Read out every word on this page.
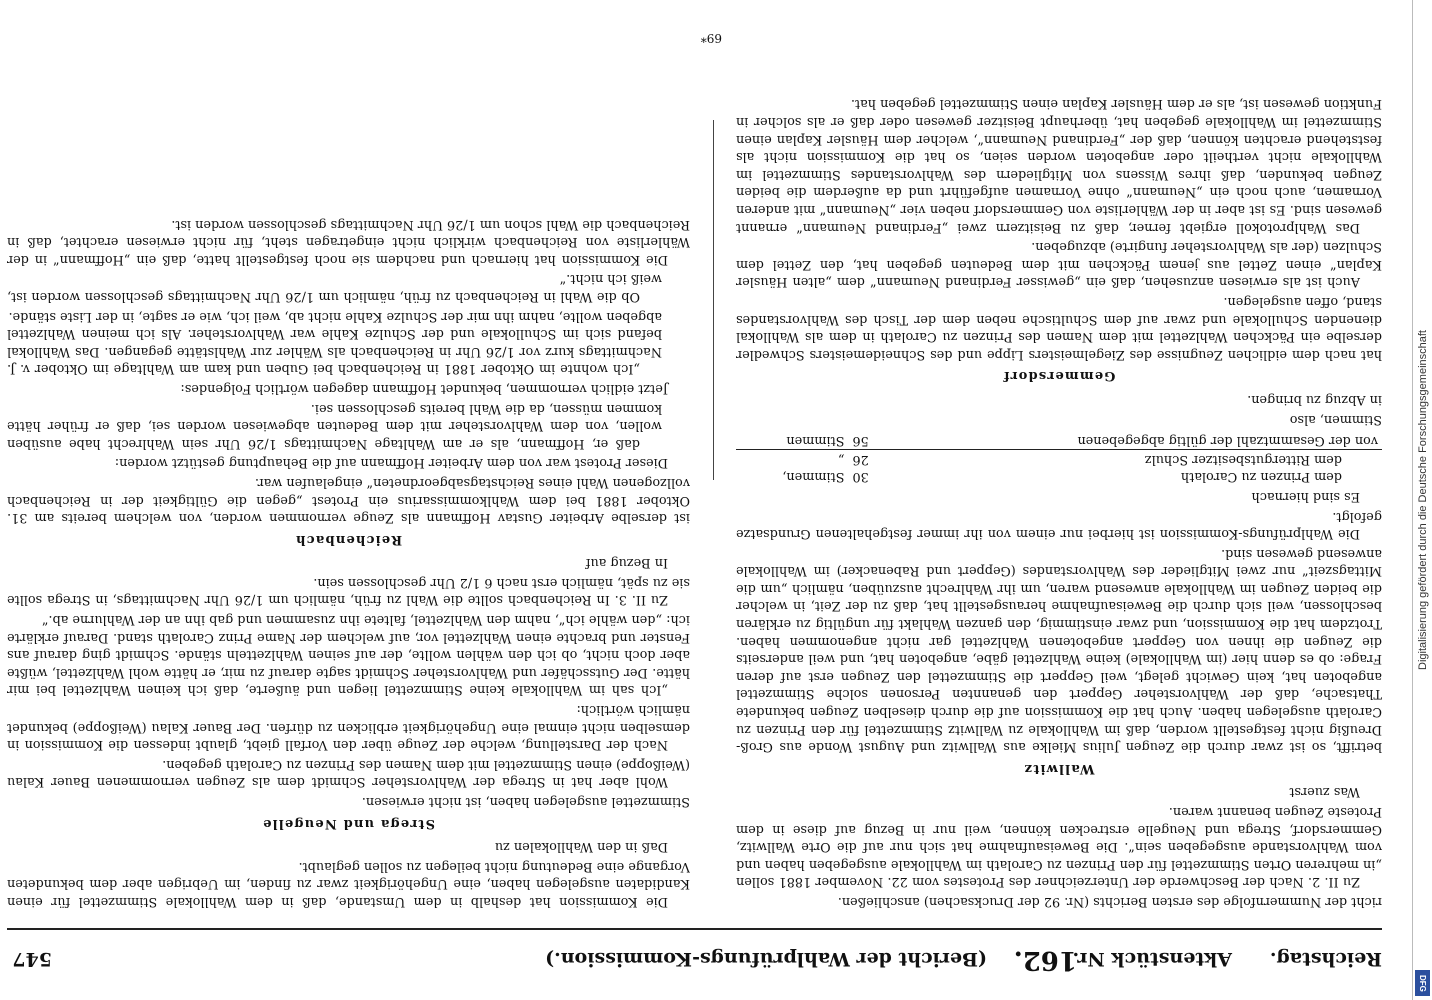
Reichstag.
Aktenstück Nr.
162.
(Bericht der Wahlprüfungs-Kommission.)
547

richt der Nummernfolge des ersten Berichts (Nr. 92 der Drucksachen) anschließen.

Zu II. 2. Nach der Beschwerde der Unterzeichner des Protestes vom 22. November 1881 sollen „in mehreren Orten Stimmzettel für den Prinzen zu Carolath im Wahllokale ausgegeben haben und vom Wahlvorstande ausgegeben sein“. Die Beweisaufnahme hat sich nur auf die Orte Wallwitz, Gemmersdorf, Strega und Neugelle erstrecken können, weil nur in Bezug auf diese in dem Proteste Zeugen benannt waren.

Was zuerst

Wallwitz

betrifft, so ist zwar durch die Zeugen Julius Mielke aus Wallwitz und August Wonde aus Groß-Dreußig nicht festgestellt worden, daß im Wahllokale zu Wallwitz Stimmzettel für den Prinzen zu Carolath ausgelegen haben. Auch hat die Kommission auf die durch dieselben Zeugen bekundete Thatsache, daß der Wahlvorsteher Geppert den genannten Personen solche Stimmzettel angeboten hat, kein Gewicht gelegt, weil Geppert die Stimmzettel den Zeugen erst auf deren Frage: ob es denn hier (im Wahllokale) keine Wahlzettel gäbe, angeboten hat, und weil anderseits die Zeugen die ihnen von Geppert angebotenen Wahlzettel gar nicht angenommen haben. Trotzdem hat die Kommission, und zwar einstimmig, den ganzen Wahlakt für ungültig zu erklären beschlossen, weil sich durch die Beweisaufnahme herausgestellt hat, daß zu der Zeit, in welcher die beiden Zeugen im Wahllokale anwesend waren, um ihr Wahlrecht auszuüben, nämlich „um die Mittagszeit“ nur zwei Mitglieder des Wahlvorstandes (Geppert und Rabenacker) im Wahllokale anwesend gewesen sind.

Die Wahlprüfungs-Kommission ist hierbei nur einem von ihr immer festgehaltenen Grundsatze gefolgt.

Es sind hiernach

dem Prinzen zu Carolath	30	Stimmen,
dem Rittergutsbesitzer Schulz	26	„
von der Gesammtzahl der gültig abgegebenen	56	Stimmen

Stimmen, also

in Abzug zu bringen.

Gemmersdorf

hat nach dem eidlichen Zeugnisse des Ziegelmeisters Lippe und des Schneidemeisters Schwedler derselbe ein Päckchen Wahlzettel mit dem Namen des Prinzen zu Carolath in dem als Wahllokal dienenden Schullokale und zwar auf dem Schultische neben dem der Tisch des Wahlvorstandes stand, offen ausgelegen.

Auch ist als erwiesen anzusehen, daß ein „gewisser Ferdinand Neumann“ dem „alten Häusler Kaplan“ einen Zettel aus jenem Päckchen mit dem Bedeuten gegeben hat, den Zettel dem Schulzen (der als Wahlvorsteher fungirte) abzugeben.

Das Wahlprotokoll ergiebt ferner, daß zu Beisitzern zwei „Ferdinand Neumann“ ernannt gewesen sind. Es ist aber in der Wählerliste von Gemmersdorf neben vier „Neumann“ mit anderen Vornamen, auch noch ein „Neumann“ ohne Vornamen aufgeführt und da außerdem die beiden Zeugen bekunden, daß ihres Wissens von Mitgliedern des Wahlvorstandes Stimmzettel im Wahllokale nicht vertheilt oder angeboten worden seien, so hat die Kommission nicht als feststehend erachten können, daß der „Ferdinand Neumann“, welcher dem Häusler Kaplan einen Stimmzettel im Wahllokale gegeben hat, überhaupt Beisitzer gewesen oder daß er als solcher in Funktion gewesen ist, als er dem Häusler Kaplan einen Stimmzettel gegeben hat.

Die Kommission hat deshalb in dem Umstande, daß in dem Wahllokale Stimmzettel für einen Kandidaten ausgelegen haben, eine Ungehörigkeit zwar zu finden, im Uebrigen aber dem bekundeten Vorgange eine Bedeutung nicht beilegen zu sollen geglaubt.

Daß in den Wahllokalen zu

Strega und Neugelle

Stimmzettel ausgelegen haben, ist nicht erwiesen.

Wohl aber hat in Strega der Wahlvorsteher Schmidt dem als Zeugen vernommenen Bauer Kalau (Weißoppe) einen Stimmzettel mit dem Namen des Prinzen zu Carolath gegeben.

Nach der Darstellung, welche der Zeuge über den Vorfall giebt, glaubt indessen die Kommission in demselben nicht einmal eine Ungehörigkeit erblicken zu dürfen. Der Bauer Kalau (Weißoppe) bekundet nämlich wörtlich:

„Ich sah im Wahllokale keine Stimmzettel liegen und äußerte, daß ich keinen Wahlzettel bei mir hätte. Der Gutsschäfer und Wahlvorsteher Schmidt sagte darauf zu mir, er hätte wohl Wahlzettel, wüßte aber doch nicht, ob ich den wählen wollte, der auf seinen Wahlzetteln stände. Schmidt ging darauf ans Fenster und brachte einen Wahlzettel vor, auf welchem der Name Prinz Carolath stand. Darauf erklärte ich: „den wähle ich“, nahm den Wahlzettel, faltete ihn zusammen und gab ihn an der Wahlurne ab.“

Zu II. 3. In Reichenbach sollte die Wahl zu früh, nämlich um 1/26 Uhr Nachmittags, in Strega sollte sie zu spät, nämlich erst nach 6 1/2 Uhr geschlossen sein.

In Bezug auf

Reichenbach

ist derselbe Arbeiter Gustav Hoffmann als Zeuge vernommen worden, von welchem bereits am 31. Oktober 1881 bei dem Wahlkommissarius ein Protest „gegen die Gültigkeit der in Reichenbach vollzogenen Wahl eines Reichstagsabgeordneten“ eingelaufen war.

Dieser Protest war von dem Arbeiter Hoffmann auf die Behauptung gestützt worden:

daß er, Hoffmann, als er am Wahltage Nachmittags 1/26 Uhr sein Wahlrecht habe ausüben wollen, von dem Wahlvorsteher mit dem Bedeuten abgewiesen worden sei, daß er früher hätte kommen müssen, da die Wahl bereits geschlossen sei.

Jetzt eidlich vernommen, bekundet Hoffmann dagegen wörtlich Folgendes:

„Ich wohnte im Oktober 1881 in Reichenbach bei Guben und kam am Wahltage im Oktober v. J. Nachmittags kurz vor 1/26 Uhr in Reichenbach als Wähler zur Wahlstätte gegangen. Das Wahllokal befand sich im Schullokale und der Schulze Kahle war Wahlvorsteher. Als ich meinen Wahlzettel abgeben wollte, nahm ihn mir der Schulze Kahle nicht ab, weil ich, wie er sagte, in der Liste stände.

Ob die Wahl in Reichenbach zu früh, nämlich um 1/26 Uhr Nachmittags geschlossen worden ist, weiß ich nicht.“

Die Kommission hat hiernach und nachdem sie noch festgestellt hatte, daß ein „Hoffmann“ in der Wählerliste von Reichenbach wirklich nicht eingetragen steht, für nicht erwiesen erachtet, daß in Reichenbach die Wahl schon um 1/26 Uhr Nachmittags geschlossen worden ist.

69*
Digitalisierung gefördert durch die Deutsche Forschungsgemeinschaft
DFG
